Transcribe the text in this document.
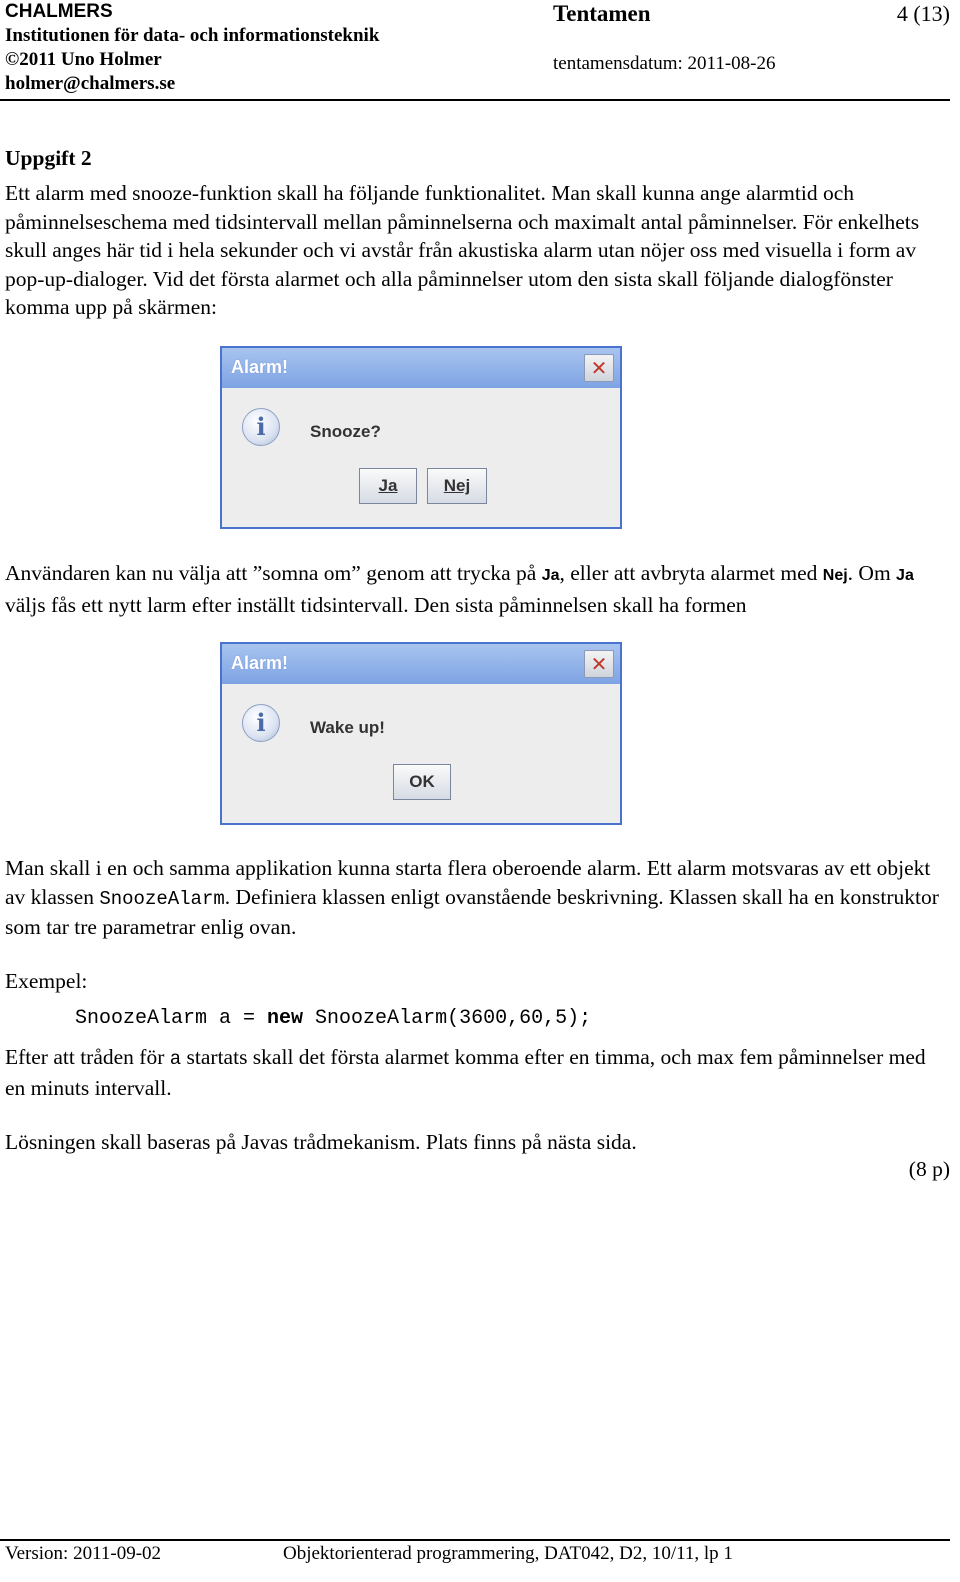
CHALMERS
Institutionen för data- och informationsteknik
©2011 Uno Holmer
holmer@chalmers.se
Tentamen	4 (13)
tentamensdatum: 2011-08-26
Uppgift 2
Ett alarm med snooze-funktion skall ha följande funktionalitet. Man skall kunna ange alarmtid och påminnelseschema med tidsintervall mellan påminnelserna och maximalt antal påminnelser. För enkelhets skull anges här tid i hela sekunder och vi avstår från akustiska alarm utan nöjer oss med visuella i form av pop-up-dialoger. Vid det första alarmet och alla påminnelser utom den sista skall följande dialogfönster komma upp på skärmen:
Alarm!	✕
i	Snooze?
Ja	Nej
Användaren kan nu välja att ”somna om” genom att trycka på Ja, eller att avbryta alarmet med Nej. Om Ja väljs fås ett nytt larm efter inställt tidsintervall. Den sista påminnelsen skall ha formen
Alarm!	✕
i	Wake up!
OK
Man skall i en och samma applikation kunna starta flera oberoende alarm. Ett alarm motsvaras av ett objekt av klassen SnoozeAlarm. Definiera klassen enligt ovanstående beskrivning. Klassen skall ha en konstruktor som tar tre parametrar enlig ovan.
Exempel:
SnoozeAlarm a = new SnoozeAlarm(3600,60,5);
Efter att tråden för a startats skall det första alarmet komma efter en timma, och max fem påminnelser med en minuts intervall.
Lösningen skall baseras på Javas trådmekanism. Plats finns på nästa sida.
(8 p)
Version: 2011-09-02	Objektorienterad programmering, DAT042, D2, 10/11, lp 1
